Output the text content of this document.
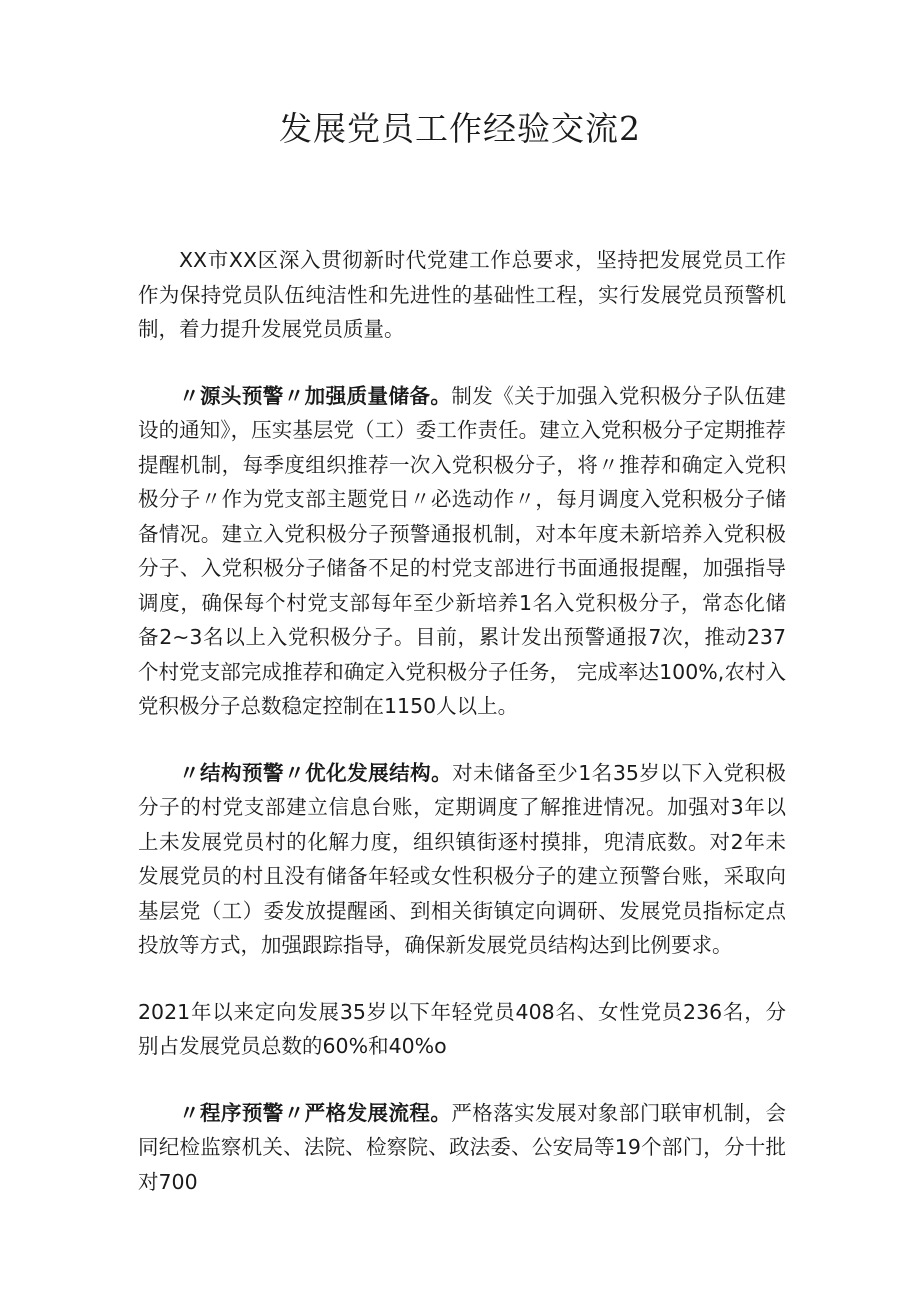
发展党员工作经验交流2

XX市XX区深入贯彻新时代党建工作总要求，坚持把发展党员工作作为保持党员队伍纯洁性和先进性的基础性工程，实行发展党员预警机制，着力提升发展党员质量。

〃源头预警〃加强质量储备。制发《关于加强入党积极分子队伍建设的通知》，压实基层党（工）委工作责任。建立入党积极分子定期推荐提醒机制，每季度组织推荐一次入党积极分子，将〃推荐和确定入党积极分子〃作为党支部主题党日〃必选动作〃，每月调度入党积极分子储备情况。建立入党积极分子预警通报机制，对本年度未新培养入党积极分子、入党积极分子储备不足的村党支部进行书面通报提醒，加强指导调度，确保每个村党支部每年至少新培养1名入党积极分子，常态化储备2~3名以上入党积极分子。目前，累计发出预警通报7次，推动237个村党支部完成推荐和确定入党积极分子任务， 完成率达100%,农村入党积极分子总数稳定控制在1150人以上。

〃结构预警〃优化发展结构。对未储备至少1名35岁以下入党积极分子的村党支部建立信息台账，定期调度了解推进情况。加强对3年以上未发展党员村的化解力度，组织镇街逐村摸排，兜清底数。对2年未发展党员的村且没有储备年轻或女性积极分子的建立预警台账，采取向基层党（工）委发放提醒函、到相关街镇定向调研、发展党员指标定点投放等方式，加强跟踪指导，确保新发展党员结构达到比例要求。

2021年以来定向发展35岁以下年轻党员408名、女性党员236名，分别占发展党员总数的60%和40%o

〃程序预警〃严格发展流程。严格落实发展对象部门联审机制，会同纪检监察机关、法院、检察院、政法委、公安局等19个部门，分十批对700
